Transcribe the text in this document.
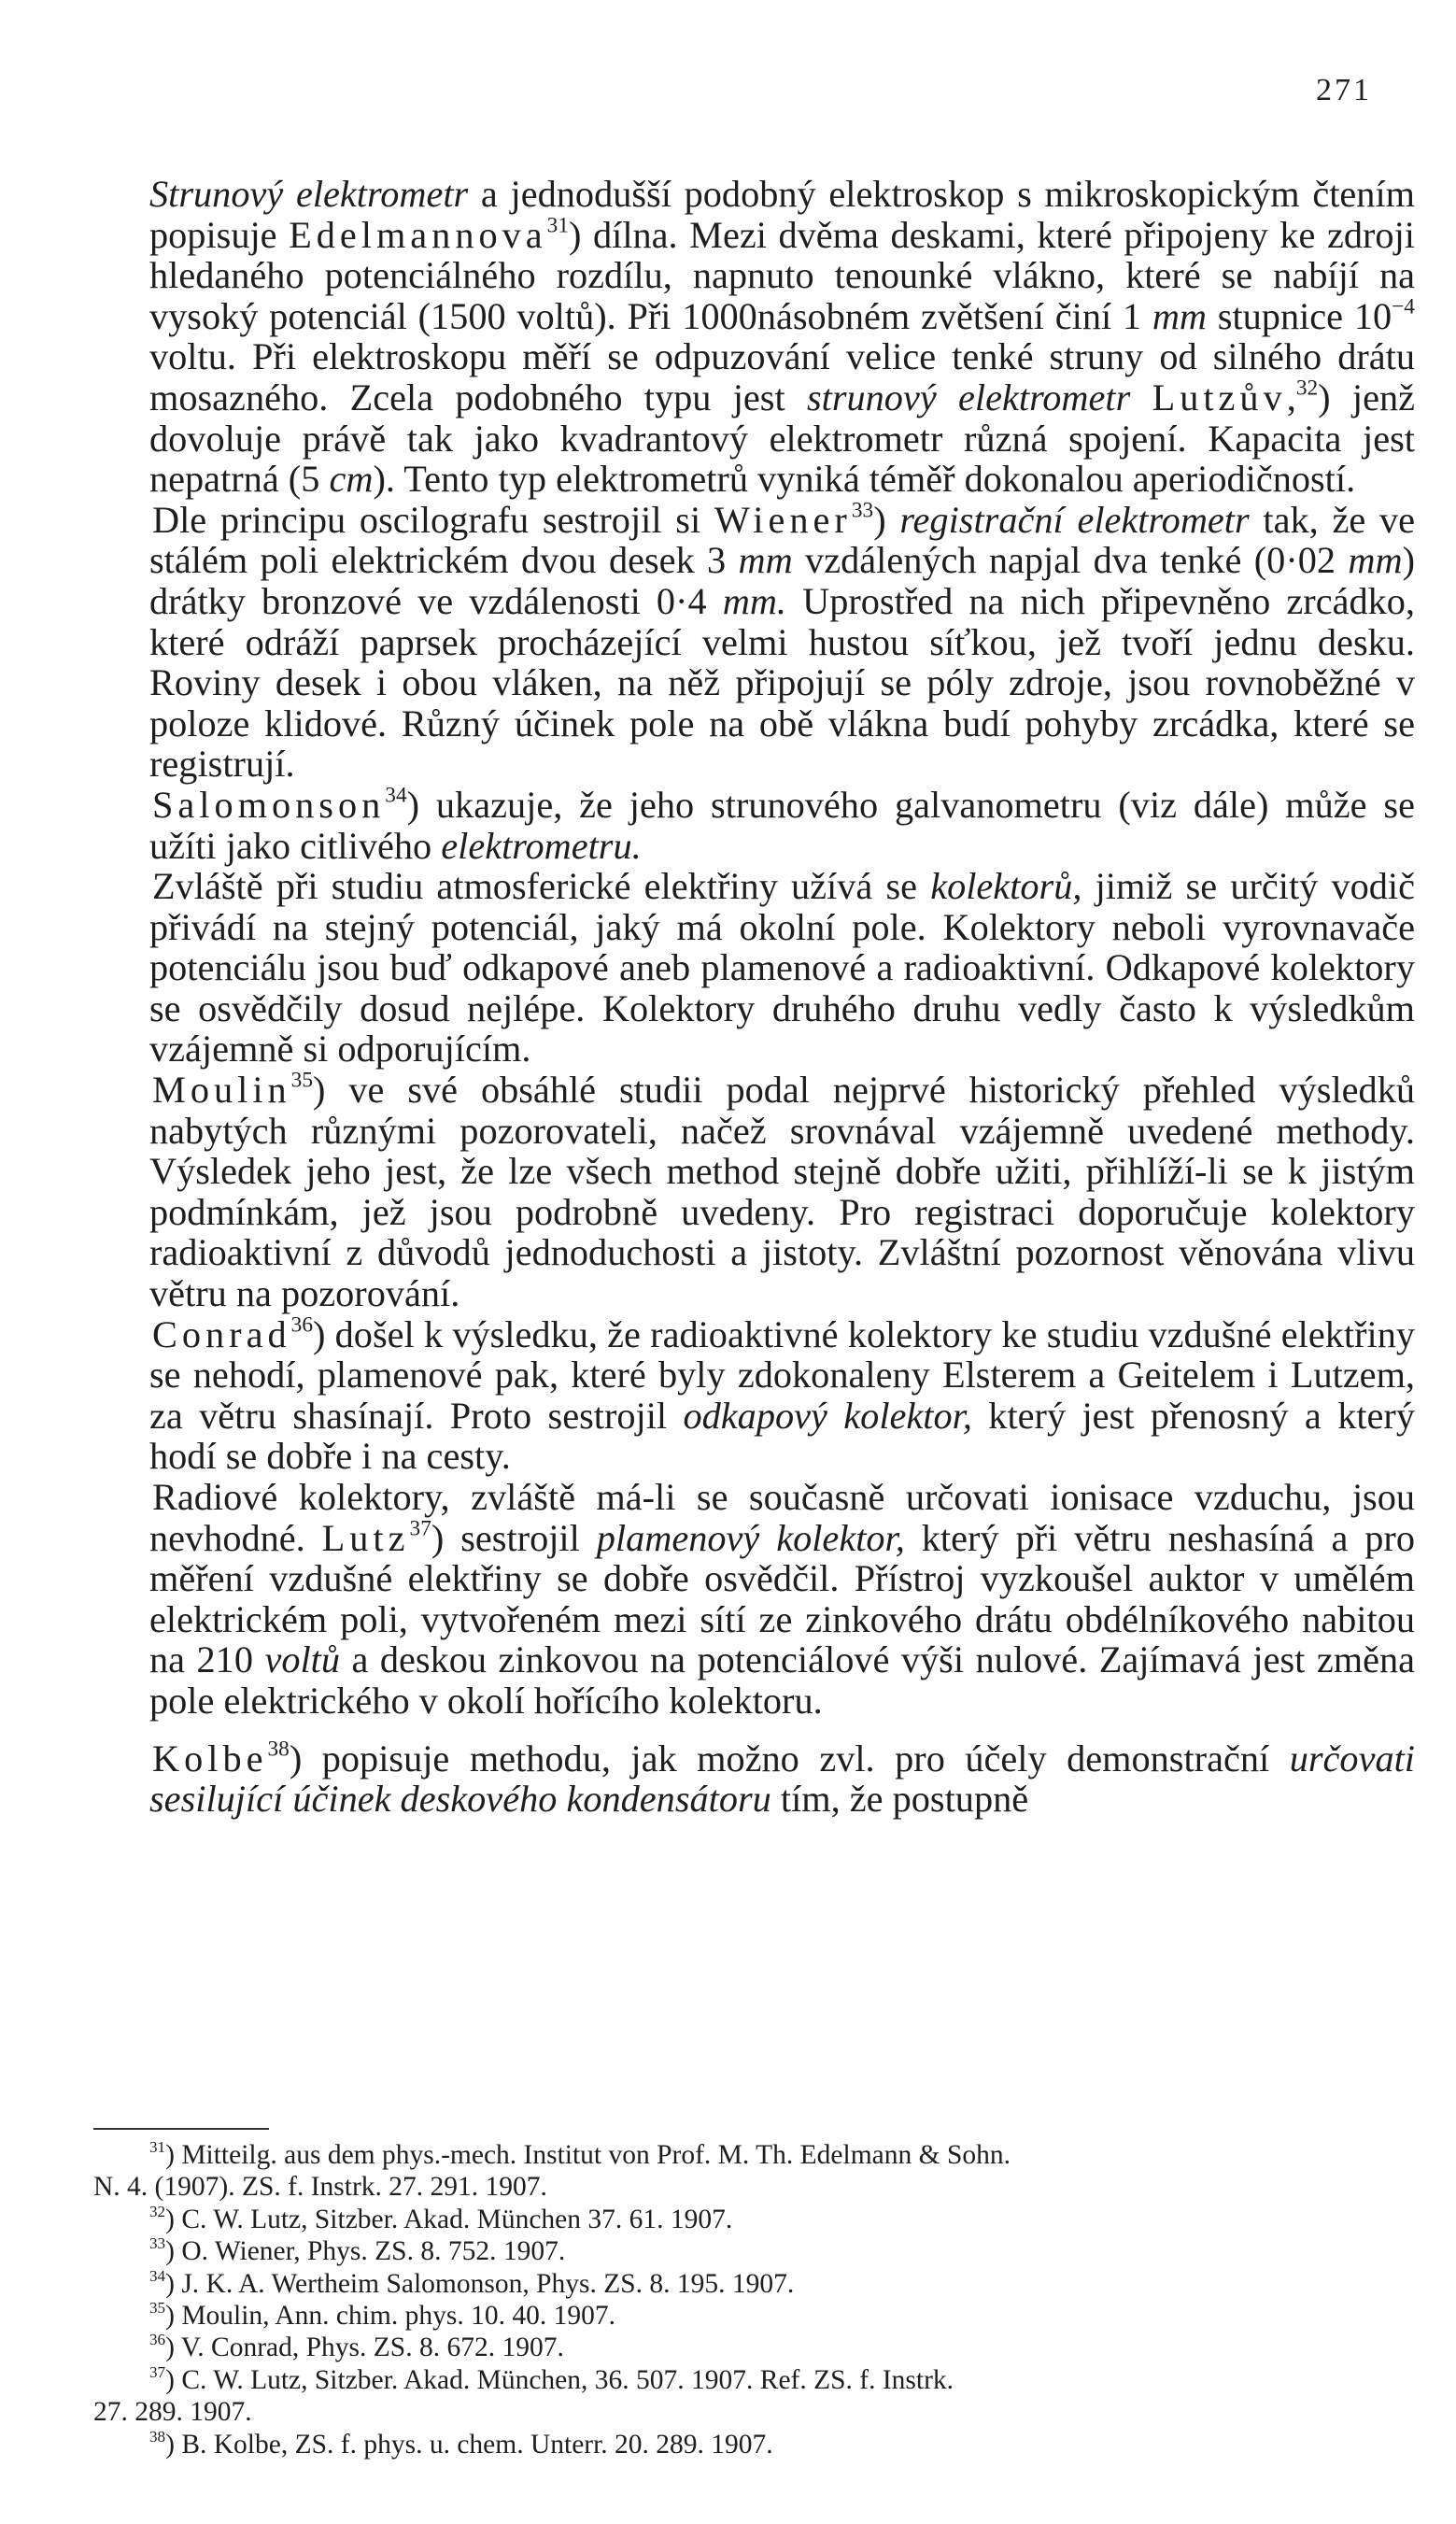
271

Strunový elektrometr a jednodušší podobný elektroskop s mikroskopickým čtením popisuje Edelmannova$^{31}$) dílna. Mezi dvěma deskami, které připojeny ke zdroji hledaného potenciálného rozdílu, napnuto tenounké vlákno, které se nabíjí na vysoký potenciál (1500 voltů). Při 1000násobném zvětšení činí 1 mm stupnice $10^{-4}$ voltu. Při elektroskopu měří se odpuzování velice tenké struny od silného drátu mosazného. Zcela podobného typu jest strunový elektrometr Lutzův,$^{32}$) jenž dovoluje právě tak jako kvadrantový elektrometr různá spojení. Kapacita jest nepatrná (5 cm). Tento typ elektrometrů vyniká téměř dokonalou aperiodičností.

Dle principu oscilografu sestrojil si Wiener$^{33}$) registrační elektrometr tak, že ve stálém poli elektrickém dvou desek 3 mm vzdálených napjal dva tenké (0·02 mm) drátky bronzové ve vzdálenosti 0·4 mm. Uprostřed na nich připevněno zrcádko, které odráží paprsek procházející velmi hustou síťkou, jež tvoří jednu desku. Roviny desek i obou vláken, na něž připojují se póly zdroje, jsou rovnoběžné v poloze klidové. Různý účinek pole na obě vlákna budí pohyby zrcádka, které se registrují.

Salomonson$^{34}$) ukazuje, že jeho strunového galvanometru (viz dále) může se užíti jako citlivého elektrometru.

Zvláště při studiu atmosferické elektřiny užívá se kolektorů, jimiž se určitý vodič přivádí na stejný potenciál, jaký má okolní pole. Kolektory neboli vyrovnavače potenciálu jsou buď odkapové aneb plamenové a radioaktivní. Odkapové kolektory se osvědčily dosud nejlépe. Kolektory druhého druhu vedly často k výsledkům vzájemně si odporujícím.

Moulin$^{35}$) ve své obsáhlé studii podal nejprvé historický přehled výsledků nabytých různými pozorovateli, načež srovnával vzájemně uvedené methody. Výsledek jeho jest, že lze všech method stejně dobře užiti, přihlíží-li se k jistým podmínkám, jež jsou podrobně uvedeny. Pro registraci doporučuje kolektory radioaktivní z důvodů jednoduchosti a jistoty. Zvláštní pozornost věnována vlivu větru na pozorování.

Conrad$^{36}$) došel k výsledku, že radioaktivné kolektory ke studiu vzdušné elektřiny se nehodí, plamenové pak, které byly zdokonaleny Elsterem a Geitelem i Lutzem, za větru shasínají. Proto sestrojil odkapový kolektor, který jest přenosný a který hodí se dobře i na cesty.

Radiové kolektory, zvláště má-li se současně určovati ionisace vzduchu, jsou nevhodné. Lutz$^{37}$) sestrojil plamenový kolektor, který při větru neshasíná a pro měření vzdušné elektřiny se dobře osvědčil. Přístroj vyzkoušel auktor v umělém elektrickém poli, vytvořeném mezi sítí ze zinkového drátu obdélníkového nabitou na 210 voltů a deskou zinkovou na potenciálové výši nulové. Zajímavá jest změna pole elektrického v okolí hořícího kolektoru.

Kolbe$^{38}$) popisuje methodu, jak možno zvl. pro účely demonstrační určovati sesilující účinek deskového kondensátoru tím, že postupně

$^{31}$) Mitteilg. aus dem phys.-mech. Institut von Prof. M. Th. Edelmann & Sohn.
N. 4. (1907). ZS. f. Instrk. 27. 291. 1907.
$^{32}$) C. W. Lutz, Sitzber. Akad. München 37. 61. 1907.
$^{33}$) O. Wiener, Phys. ZS. 8. 752. 1907.
$^{34}$) J. K. A. Wertheim Salomonson, Phys. ZS. 8. 195. 1907.
$^{35}$) Moulin, Ann. chim. phys. 10. 40. 1907.
$^{36}$) V. Conrad, Phys. ZS. 8. 672. 1907.
$^{37}$) C. W. Lutz, Sitzber. Akad. München, 36. 507. 1907. Ref. ZS. f. Instrk.
27. 289. 1907.
$^{38}$) B. Kolbe, ZS. f. phys. u. chem. Unterr. 20. 289. 1907.
